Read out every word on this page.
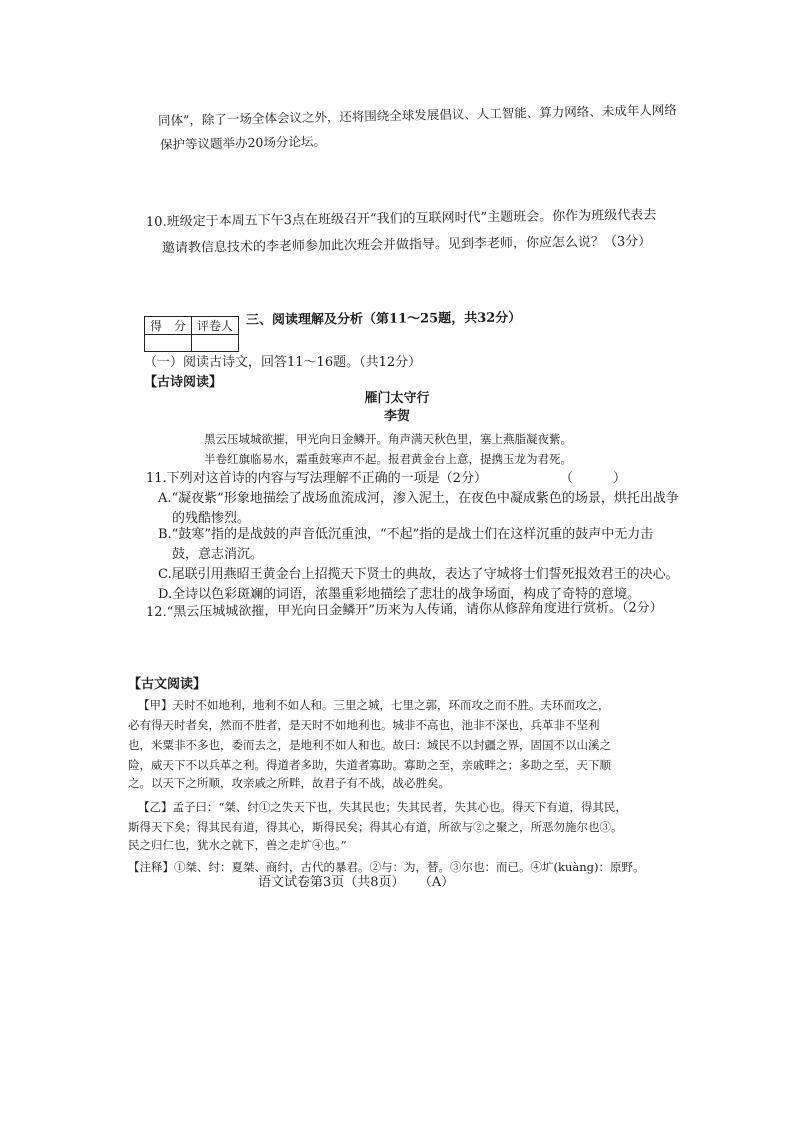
同体”，除了一场全体会议之外，还将围绕全球发展倡议、人工智能、算力网络、未成年人网络
保护等议题举办20场分论坛。
10.班级定于本周五下午3点在班级召开“我们的互联网时代”主题班会。你作为班级代表去
邀请教信息技术的李老师参加此次班会并做指导。见到李老师，你应怎么说？（3分）
得　分	评卷人
	三、阅读理解及分析（第11～25题，共32分）
（一）阅读古诗文，回答11～16题。（共12分）
【古诗阅读】
雁门太守行
李贺
黑云压城城欲摧，甲光向日金鳞开。角声满天秋色里，塞上燕脂凝夜紫。
半卷红旗临易水，霜重鼓寒声不起。报君黄金台上意，提携玉龙为君死。
11.下列对这首诗的内容与写法理解不正确的一项是（2分）	（	）
A.“凝夜紫”形象地描绘了战场血流成河，渗入泥土，在夜色中凝成紫色的场景，烘托出战争
的残酷惨烈。
B.“鼓寒”指的是战鼓的声音低沉重浊，“不起”指的是战士们在这样沉重的鼓声中无力击
鼓，意志消沉。
C.尾联引用燕昭王黄金台上招揽天下贤士的典故，表达了守城将士们誓死报效君王的决心。
D.全诗以色彩斑斓的词语，浓墨重彩地描绘了悲壮的战争场面，构成了奇特的意境。
12.“黑云压城城欲摧，甲光向日金鳞开”历来为人传诵，请你从修辞角度进行赏析。（2分）
【古文阅读】
【甲】天时不如地利，地利不如人和。三里之城，七里之郭，环而攻之而不胜。夫环而攻之，
必有得天时者矣，然而不胜者，是天时不如地利也。城非不高也，池非不深也，兵革非不坚利
也，米粟非不多也，委而去之，是地利不如人和也。故曰：域民不以封疆之界，固国不以山溪之
险，威天下不以兵革之利。得道者多助，失道者寡助。寡助之至，亲戚畔之；多助之至，天下顺
之。以天下之所顺，攻亲戚之所畔，故君子有不战，战必胜矣。
【乙】孟子曰：“桀、纣①之失天下也，失其民也；失其民者，失其心也。得天下有道，得其民，
斯得天下矣；得其民有道，得其心，斯得民矣；得其心有道，所欲与②之聚之，所恶勿施尔也③。
民之归仁也，犹水之就下，兽之走圹④也。”
【注释】①桀、纣：夏桀、商纣，古代的暴君。②与：为，替。③尔也：而已。④圹(kuàng)：原野。
语文试卷第3页（共8页） （A）
